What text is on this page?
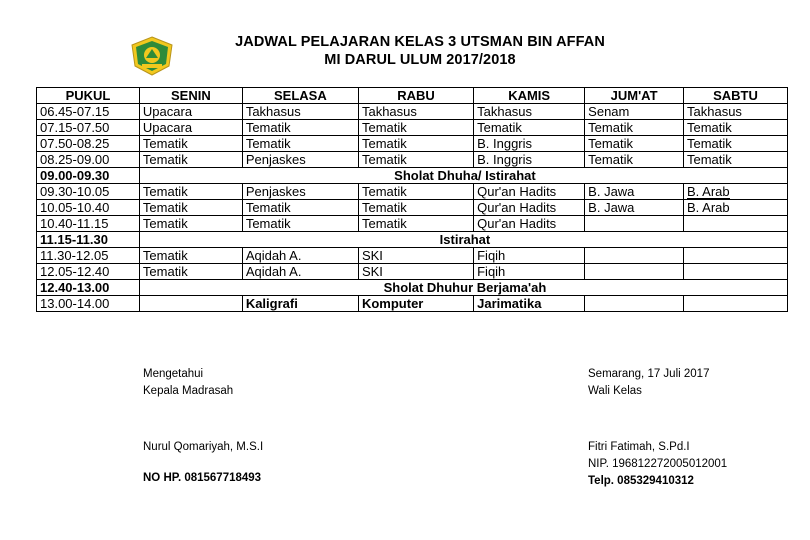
JADWAL PELAJARAN KELAS 3 UTSMAN BIN AFFAN
MI DARUL ULUM 2017/2018
PUKUL	SENIN	SELASA	RABU	KAMIS	JUM'AT	SABTU
06.45-07.15	Upacara	Takhasus	Takhasus	Takhasus	Senam	Takhasus
07.15-07.50	Upacara	Tematik	Tematik	Tematik	Tematik	Tematik
07.50-08.25	Tematik	Tematik	Tematik	B. Inggris	Tematik	Tematik
08.25-09.00	Tematik	Penjaskes	Tematik	B. Inggris	Tematik	Tematik
09.00-09.30	Sholat Dhuha/ Istirahat					
09.30-10.05	Tematik	Penjaskes	Tematik	Qur'an Hadits	B. Jawa	B. Arab
10.05-10.40	Tematik	Tematik	Tematik	Qur'an Hadits	B. Jawa	B. Arab
10.40-11.15	Tematik	Tematik	Tematik	Qur'an Hadits		
11.15-11.30	Istirahat					
11.30-12.05	Tematik	Aqidah A.	SKI	Fiqih		
12.05-12.40	Tematik	Aqidah A.	SKI	Fiqih		
12.40-13.00	Sholat Dhuhur Berjama'ah					
13.00-14.00		Kaligrafi	Komputer	Jarimatika		
Mengetahui
Kepala Madrasah
Nurul Qomariyah, M.S.I
NO HP. 081567718493
Semarang, 17 Juli 2017
Wali Kelas
Fitri Fatimah, S.Pd.I
NIP. 196812272005012001
Telp. 085329410312
